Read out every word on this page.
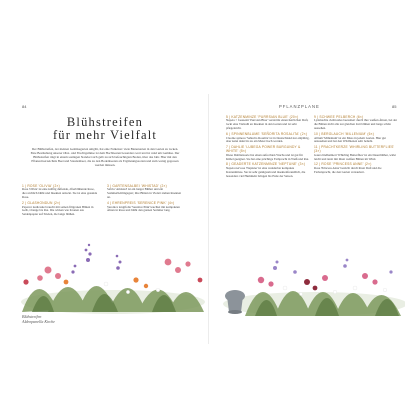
84
Blühstreifen
für mehr Vielfalt
Der Blühstreifen, der meinen Gemüsegarten umgibt, hat eine Funktion: viele Bienenarten in den Garten zu locken. Eine Bestäubung unserer Obst- und Fruchtgemüse ist dem Hochbeeten besonders wert und ist rund um Gemüse. Der Blühstreifen ringt in einem sonnigen Standort sich gelb zu sich befeuchtigten Boden, über das Jahr. Hier mit den Pflanzenverzeichnis Beet und Staudenbeet, die zu den Bodenbeeten als Ergänzungssorten und zum wenig gegossen werden müssen.
1 | ROSE 'OLIVIA' (2×)
Rosa 'Olivia' ist eine kräftig duftende, öfterblühende Rose, die reichlich blüht und Insekten anlockt. Sie ist eine gesunde Rose.
2 | GLASHONDUN (2×)
Papaver nudicaule braucht mit seinen filigranen Blüten in Gelb, Orange bis Rot. Die wirken wie Kronen aus Seidenpapier auf Stielen, die lange blühen.
3 | GARTENSALBEI 'WHISTAD' (2×)
Salvia 'Amistad' ist ein langer Blüher und ein Sommerlieblingsgast; ihre Blüten in Violett ziehen Insekten an.
4 | EHRENPREIS 'SERENICE PINK' (4×)
Veronica longifolia 'Serenice Pink' leuchtet mit kompakten Ähren in Rosa und blüht den ganzen Sommer lang.
Blühstreifen
Aldenpanella Kirche
PFLANZPLANE	85
5 | KATZENMINZE 'PURRSIAN BLUE' (20×)
Nepeta × faassenii 'Purrsian Blue' verströmt einen herrlichen Duft, lockt eine Vielzahl an Insekten in den Garten und ist sehr pflegeleicht.
6 | SPINNENBLUME 'SEÑORITA ROSALITA' (2×)
Cleome spinosa 'Señorita Rosalita' ist in Deutschland nur einjährig, aber kann dann bis zu ein Meter hoch werden.
7 | DAHLIE 'LUBEGA POWER BURGUNDY & WHITE' (5×)
Diese Dahliensorte hat einen aufrechten Wuchs und ist gut für Kübel geeignet. Sie hat eine prächtige Farbpracht in Weiß und Rot.
8 | GEADERTE KATZENMINZE 'NEPTUNE' (3×)
Nepeta nervosa 'Neptune' ist eine wunderbar kompakte Katzenminze. Sie ist sehr genügsam und insektenfreundlich, die besonders viel Hummeln bringen bis Ende der Saison.
9 | SCHWEE PELBERCH (6×)
Lysimachia clethroides bezaubert durch ihre weißen Ähren, bei der die Blüten nicht alle zur gleichen Zeit blühen und lange schön aussehen.
10 | BERGLAUCH 'MILLENIUM' (6×)
Allium 'Millenium' ist ein Muss in jedem Garten. Hier gut anzusehen und bei den Wildbienen sehr beliebt.
11 | PRACHTKERZE 'WHIRLING BUTTERFLIES' (3×)
Gaura lindheimeri 'Whirling Butterflies' ist ein Dauerblüher, wirkt leicht und tanzt mit ihren weißen Blüten im Wind.
12 | ROSE 'PRINCESS ANNE' (2×)
Rosa 'Princess Anne' besticht durch ihren Duft und die Farbenpracht, die den Garten verzaubert.
